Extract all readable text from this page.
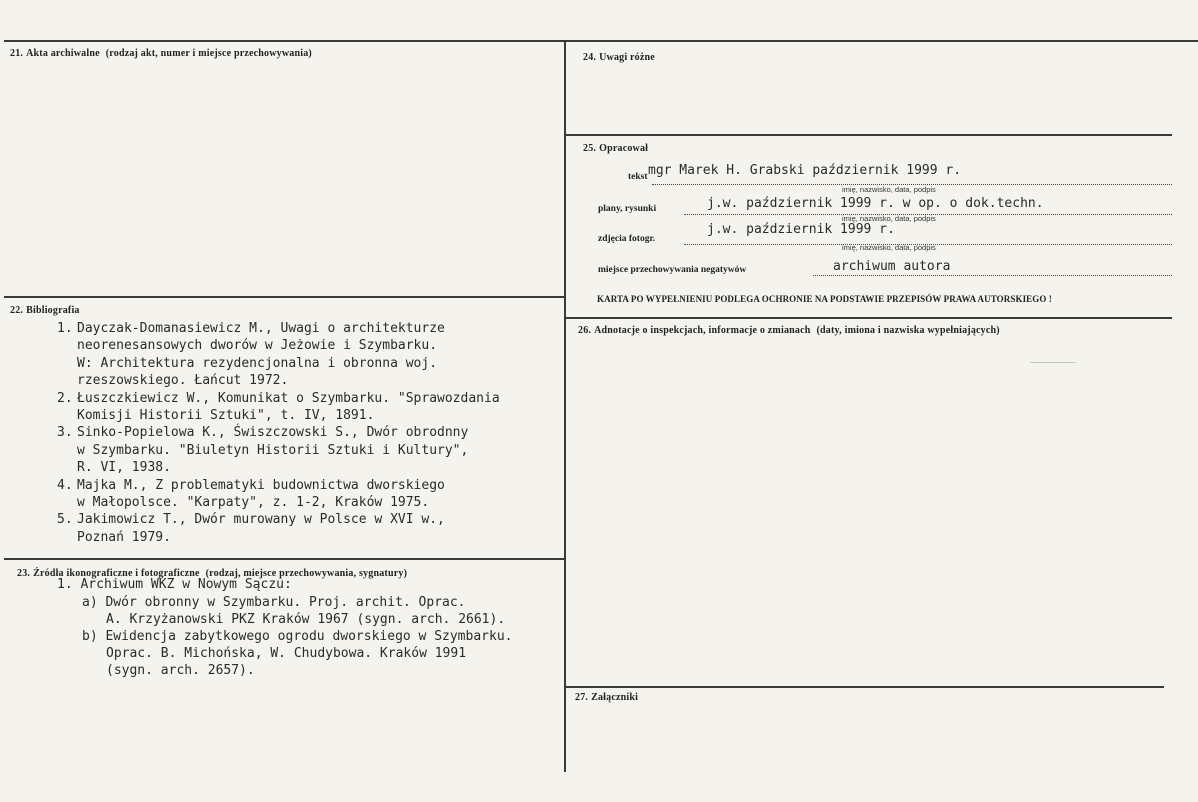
21. Akta archiwalne (rodzaj akt, numer i miejsce przechowywania)
22. Bibliografia
1. Dayczak-Domanasiewicz M., Uwagi o architekturze
neorenesansowych dworów w Jeżowie i Szymbarku.
W: Architektura rezydencjonalna i obronna woj.
rzeszowskiego. Łańcut 1972.
2. Łuszczkiewicz W., Komunikat o Szymbarku. "Sprawozdania
Komisji Historii Sztuki", t. IV, 1891.
3. Sinko-Popielowa K., Świszczowski S., Dwór obrodnny
w Szymbarku. "Biuletyn Historii Sztuki i Kultury",
R. VI, 1938.
4. Majka M., Z problematyki budownictwa dworskiego
w Małopolsce. "Karpaty", z. 1-2, Kraków 1975.
5. Jakimowicz T., Dwór murowany w Polsce w XVI w.,
Poznań 1979.
23. Źródła ikonograficzne i fotograficzne (rodzaj, miejsce przechowywania, sygnatury)
1. Archiwum WKZ w Nowym Sączu:
a) Dwór obronny w Szymbarku. Proj. archit. Oprac.
A. Krzyżanowski PKZ Kraków 1967 (sygn. arch. 2661).
b) Ewidencja zabytkowego ogrodu dworskiego w Szymbarku.
Oprac. B. Michońska, W. Chudybowa. Kraków 1991
(sygn. arch. 2657).
24. Uwagi różne
25. Opracował
tekst mgr Marek H. Grabski październik 1999 r.
imię, nazwisko, data, podpis
plany, rysunki	j.w. październik 1999 r. w op. o dok.techn.
imię, nazwisko, data, podpis
zdjęcia fotogr.
j.w. październik 1999 r.
imię, nazwisko, data, podpis
miejsce przechowywania negatywów	archiwum autora
KARTA PO WYPEŁNIENIU PODLEGA OCHRONIE NA PODSTAWIE PRZEPISÓW PRAWA AUTORSKIEGO !
26. Adnotacje o inspekcjach, informacje o zmianach (daty, imiona i nazwiska wypełniających)
27. Załączniki
